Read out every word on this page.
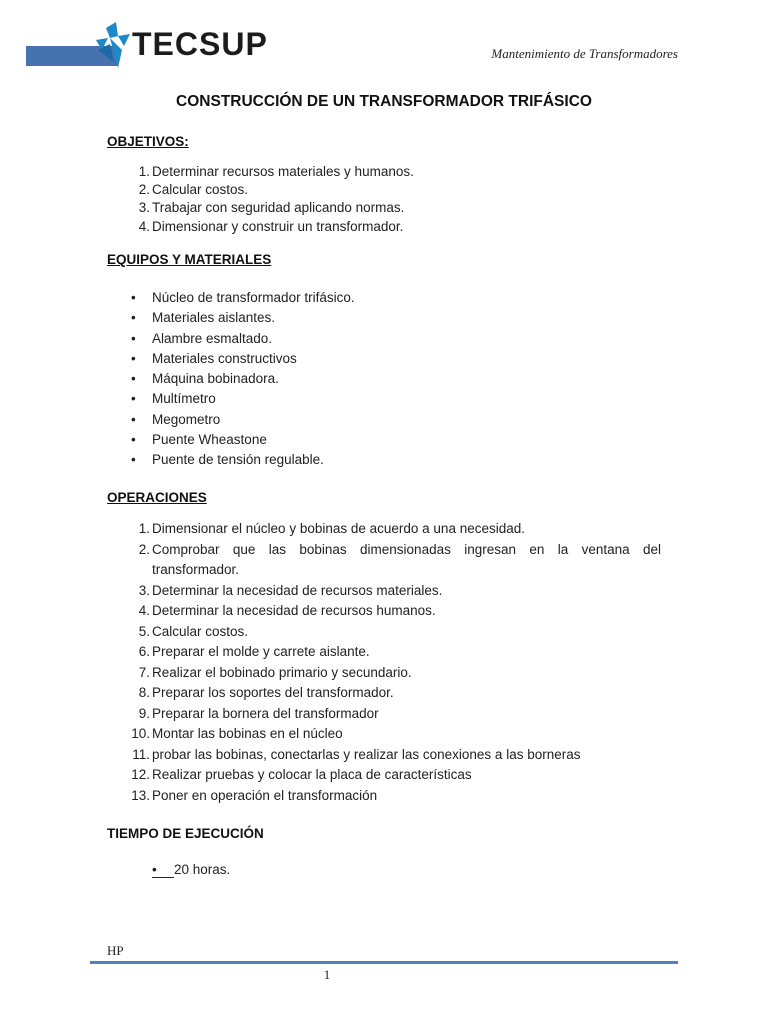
TECSUP	Mantenimiento de Transformadores
CONSTRUCCIÓN DE UN TRANSFORMADOR TRIFÁSICO
OBJETIVOS:
1. Determinar recursos materiales y humanos.
2. Calcular costos.
3. Trabajar con seguridad aplicando normas.
4. Dimensionar y construir un transformador.
EQUIPOS Y MATERIALES
• Núcleo de transformador trifásico.
• Materiales aislantes.
• Alambre esmaltado.
• Materiales constructivos
• Máquina bobinadora.
• Multímetro
• Megometro
• Puente Wheastone
• Puente de tensión regulable.
OPERACIONES
1. Dimensionar el núcleo y bobinas de acuerdo a una necesidad.
2. Comprobar que las bobinas dimensionadas ingresan en la ventana del transformador.
3. Determinar la necesidad de recursos materiales.
4. Determinar la necesidad de recursos humanos.
5. Calcular costos.
6. Preparar el molde y carrete aislante.
7. Realizar el bobinado primario y secundario.
8. Preparar los soportes del transformador.
9. Preparar la bornera del transformador
10. Montar las bobinas en el núcleo
11. probar las bobinas, conectarlas y realizar las conexiones a las borneras
12. Realizar pruebas y colocar la placa de características
13. Poner en operación el transformación
TIEMPO DE EJECUCIÓN
• 20 horas.
HP
1
